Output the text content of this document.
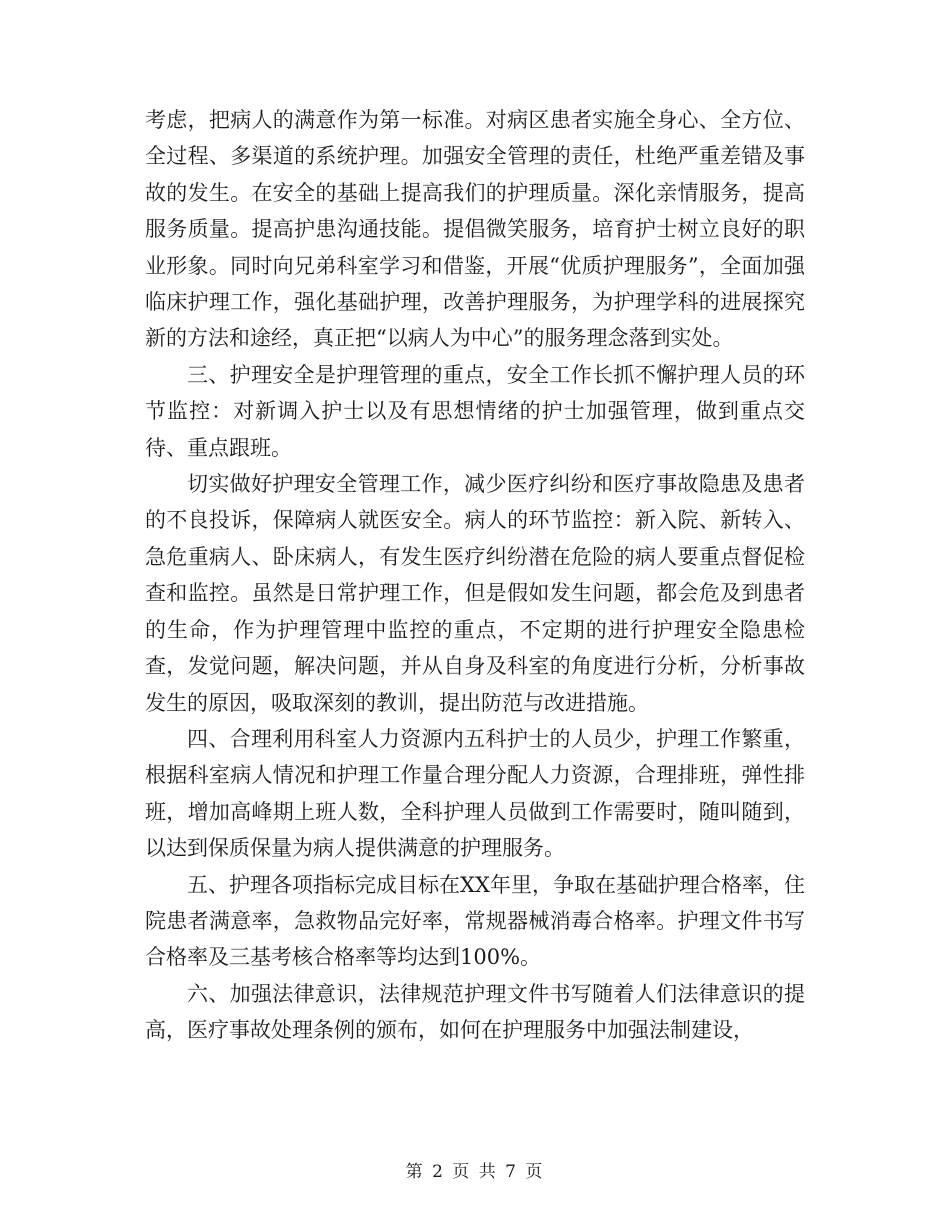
考虑，把病人的满意作为第一标准。对病区患者实施全身心、全方位、全过程、多渠道的系统护理。加强安全管理的责任，杜绝严重差错及事故的发生。在安全的基础上提高我们的护理质量。深化亲情服务，提高服务质量。提高护患沟通技能。提倡微笑服务，培育护士树立良好的职业形象。同时向兄弟科室学习和借鉴，开展“优质护理服务”，全面加强临床护理工作，强化基础护理，改善护理服务，为护理学科的进展探究新的方法和途经，真正把“以病人为中心”的服务理念落到实处。

三、护理安全是护理管理的重点，安全工作长抓不懈护理人员的环节监控：对新调入护士以及有思想情绪的护士加强管理，做到重点交待、重点跟班。

切实做好护理安全管理工作，减少医疗纠纷和医疗事故隐患及患者的不良投诉，保障病人就医安全。病人的环节监控：新入院、新转入、急危重病人、卧床病人，有发生医疗纠纷潜在危险的病人要重点督促检查和监控。虽然是日常护理工作，但是假如发生问题，都会危及到患者的生命，作为护理管理中监控的重点，不定期的进行护理安全隐患检查，发觉问题，解决问题，并从自身及科室的角度进行分析，分析事故发生的原因，吸取深刻的教训，提出防范与改进措施。

四、合理利用科室人力资源内五科护士的人员少，护理工作繁重，根据科室病人情况和护理工作量合理分配人力资源，合理排班，弹性排班，增加高峰期上班人数，全科护理人员做到工作需要时，随叫随到，以达到保质保量为病人提供满意的护理服务。

五、护理各项指标完成目标在XX年里，争取在基础护理合格率，住院患者满意率，急救物品完好率，常规器械消毒合格率。护理文件书写合格率及三基考核合格率等均达到100%。

六、加强法律意识，法律规范护理文件书写随着人们法律意识的提高，医疗事故处理条例的颁布，如何在护理服务中加强法制建设，

第 2 页 共 7 页
